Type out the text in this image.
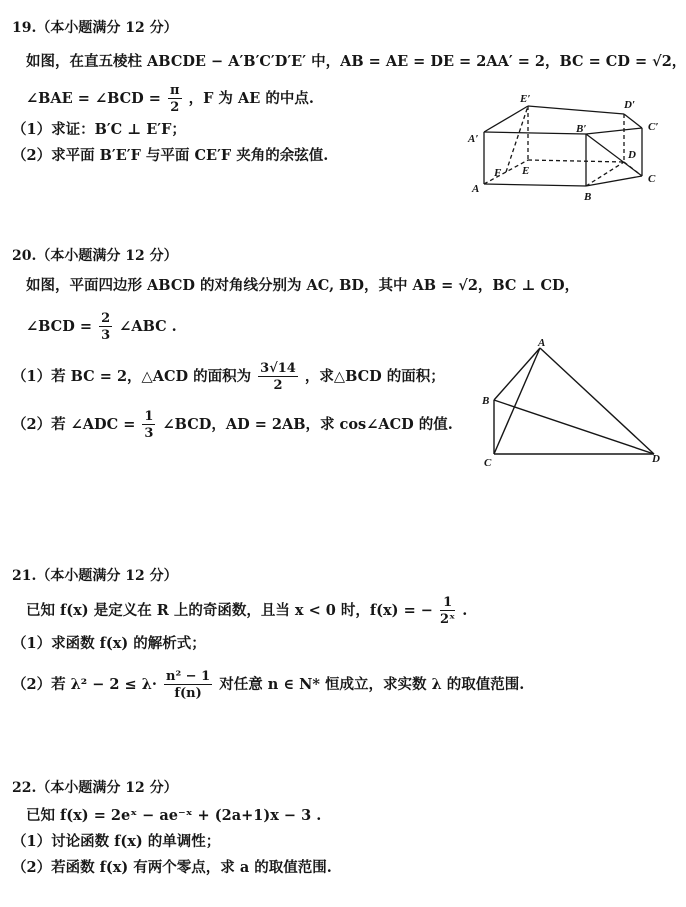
19.（本小题满分 12 分）
如图，在直五棱柱 ABCDE − A′B′C′D′E′ 中，AB = AE = DE = 2AA′ = 2，BC = CD = √2，
∠BAE = ∠BCD = $\frac{\pi}{2}$ ，F 为 AE 的中点.
（1）求证：B′C ⊥ E′F；
（2）求平面 B′E′F 与平面 CE′F 夹角的余弦值.
E′	D′
A′
B′	C′
D
F E
A
B
C
20.（本小题满分 12 分）
如图，平面四边形 ABCD 的对角线分别为 AC, BD，其中 AB = √2，BC ⊥ CD，
∠BCD = $\frac{2}{3}$ ∠ABC .
（1）若 BC = 2，△ACD 的面积为 $\frac{3√14}{2}$ ，求△BCD 的面积；
（2）若 ∠ADC = $\frac{1}{3}$ ∠BCD，AD = 2AB，求 cos∠ACD 的值.
A
B
C	D
21.（本小题满分 12 分）
已知 f(x) 是定义在 R 上的奇函数，且当 x < 0 时，f(x) = − $\frac{1}{\text{2ˣ}}$ .
（1）求函数 f(x) 的解析式；
（2）若 $\lambda^2 - 2 \le \lambda\cdot \frac{\text{n² − 1}}{f(n)}$ 对任意 n ∈ N* 恒成立，求实数 λ 的取值范围.
22.（本小题满分 12 分）
已知 f(x) = 2eˣ − ae⁻ˣ + (2a+1)x − 3 .
（1）讨论函数 f(x) 的单调性；
（2）若函数 f(x) 有两个零点，求 a 的取值范围.
